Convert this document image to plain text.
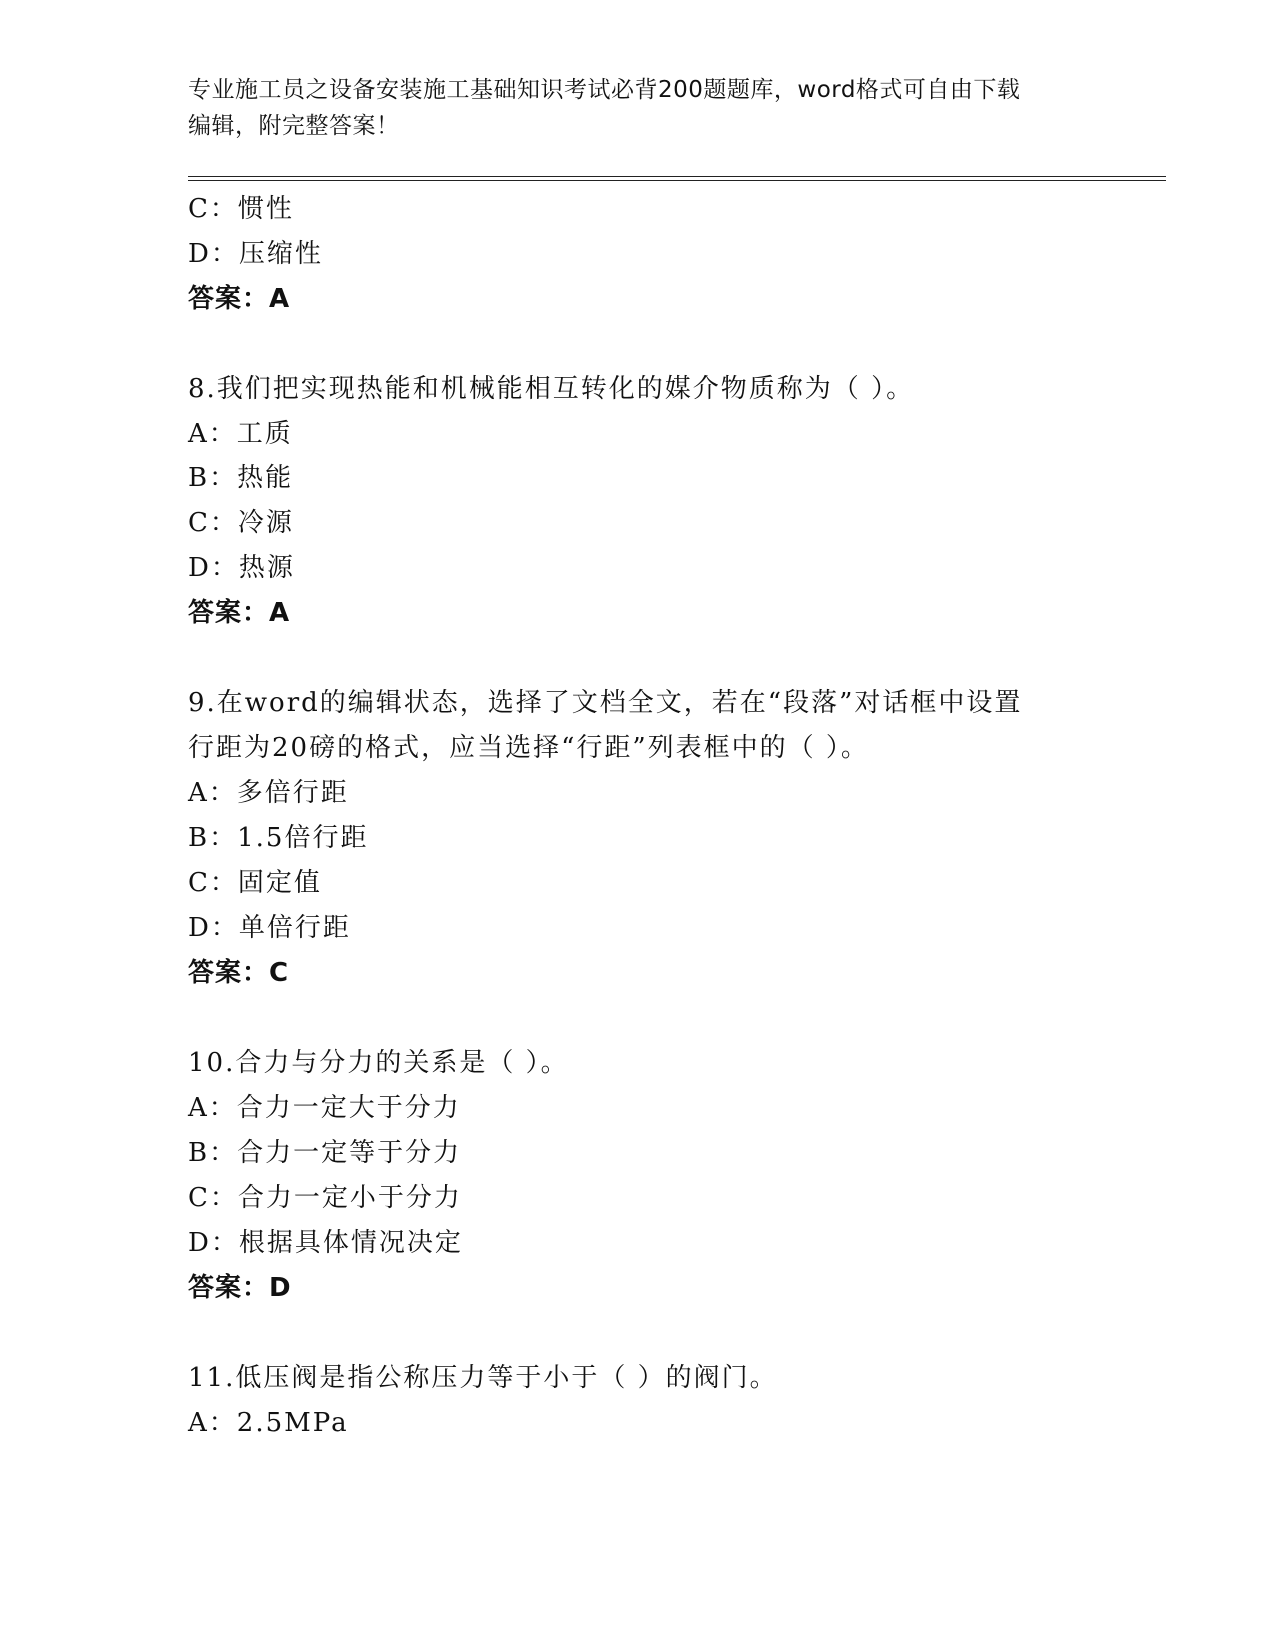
专业施工员之设备安装施工基础知识考试必背200题题库，word格式可自由下载
编辑，附完整答案！
C：惯性
D：压缩性
答案：A
8.我们把实现热能和机械能相互转化的媒介物质称为（ ）。
A：工质
B：热能
C：冷源
D：热源
答案：A
9.在word的编辑状态，选择了文档全文，若在“段落”对话框中设置
行距为20磅的格式，应当选择“行距”列表框中的（ ）。
A：多倍行距
B：1.5倍行距
C：固定值
D：单倍行距
答案：C
10.合力与分力的关系是（ ）。
A：合力一定大于分力
B：合力一定等于分力
C：合力一定小于分力
D：根据具体情况决定
答案：D
11.低压阀是指公称压力等于小于（ ）的阀门。
A：2.5MPa
